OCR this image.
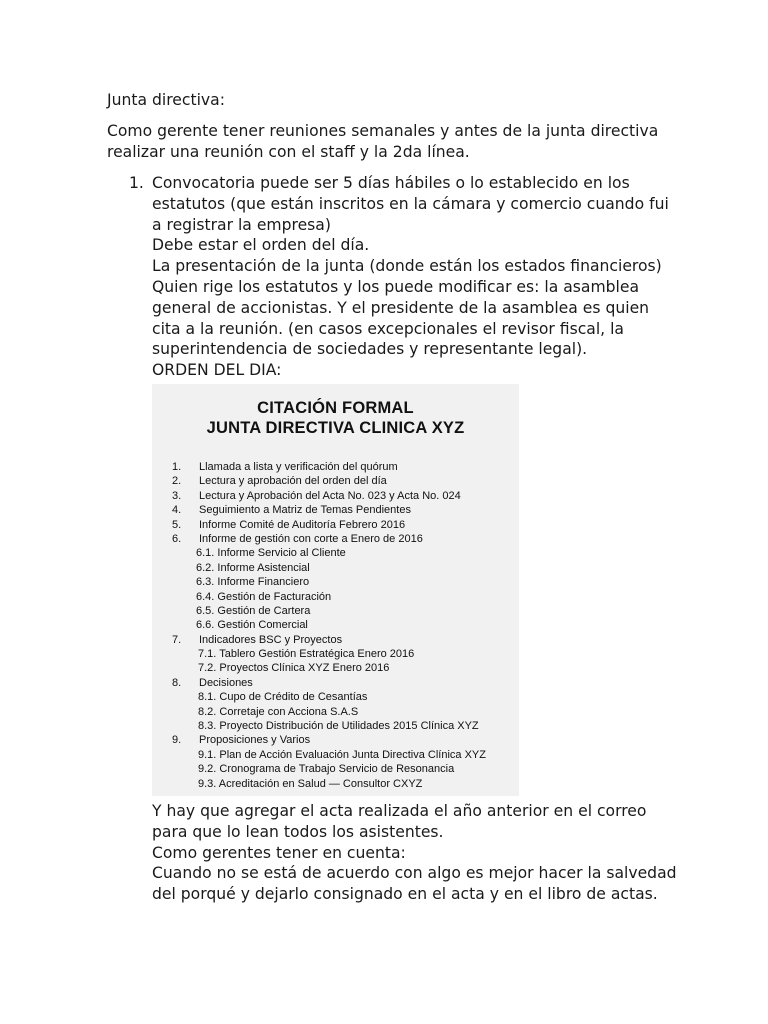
Junta directiva:
Como gerente tener reuniones semanales y antes de la junta directiva
realizar una reunión con el staff y la 2da línea.
1. Convocatoria puede ser 5 días hábiles o lo establecido en los
estatutos (que están inscritos en la cámara y comercio cuando fui
a registrar la empresa)
Debe estar el orden del día.
La presentación de la junta (donde están los estados financieros)
Quien rige los estatutos y los puede modificar es: la asamblea
general de accionistas. Y el presidente de la asamblea es quien
cita a la reunión. (en casos excepcionales el revisor fiscal, la
superintendencia de sociedades y representante legal).
ORDEN DEL DIA:
CITACIÓN FORMAL
JUNTA DIRECTIVA CLINICA XYZ
1. Llamada a lista y verificación del quórum
2. Lectura y aprobación del orden del día
3. Lectura y Aprobación del Acta No. 023 y Acta No. 024
4. Seguimiento a Matriz de Temas Pendientes
5. Informe Comité de Auditoría Febrero 2016
6. Informe de gestión con corte a Enero de 2016
6.1. Informe Servicio al Cliente
6.2. Informe Asistencial
6.3. Informe Financiero
6.4. Gestión de Facturación
6.5. Gestión de Cartera
6.6. Gestión Comercial
7. Indicadores BSC y Proyectos
7.1. Tablero Gestión Estratégica Enero 2016
7.2. Proyectos Clínica XYZ Enero 2016
8. Decisiones
8.1. Cupo de Crédito de Cesantías
8.2. Corretaje con Acciona S.A.S
8.3. Proyecto Distribución de Utilidades 2015 Clínica XYZ
9. Proposiciones y Varios
9.1. Plan de Acción Evaluación Junta Directiva Clínica XYZ
9.2. Cronograma de Trabajo Servicio de Resonancia
9.3. Acreditación en Salud — Consultor CXYZ
Y hay que agregar el acta realizada el año anterior en el correo
para que lo lean todos los asistentes.
Como gerentes tener en cuenta:
Cuando no se está de acuerdo con algo es mejor hacer la salvedad
del porqué y dejarlo consignado en el acta y en el libro de actas.
